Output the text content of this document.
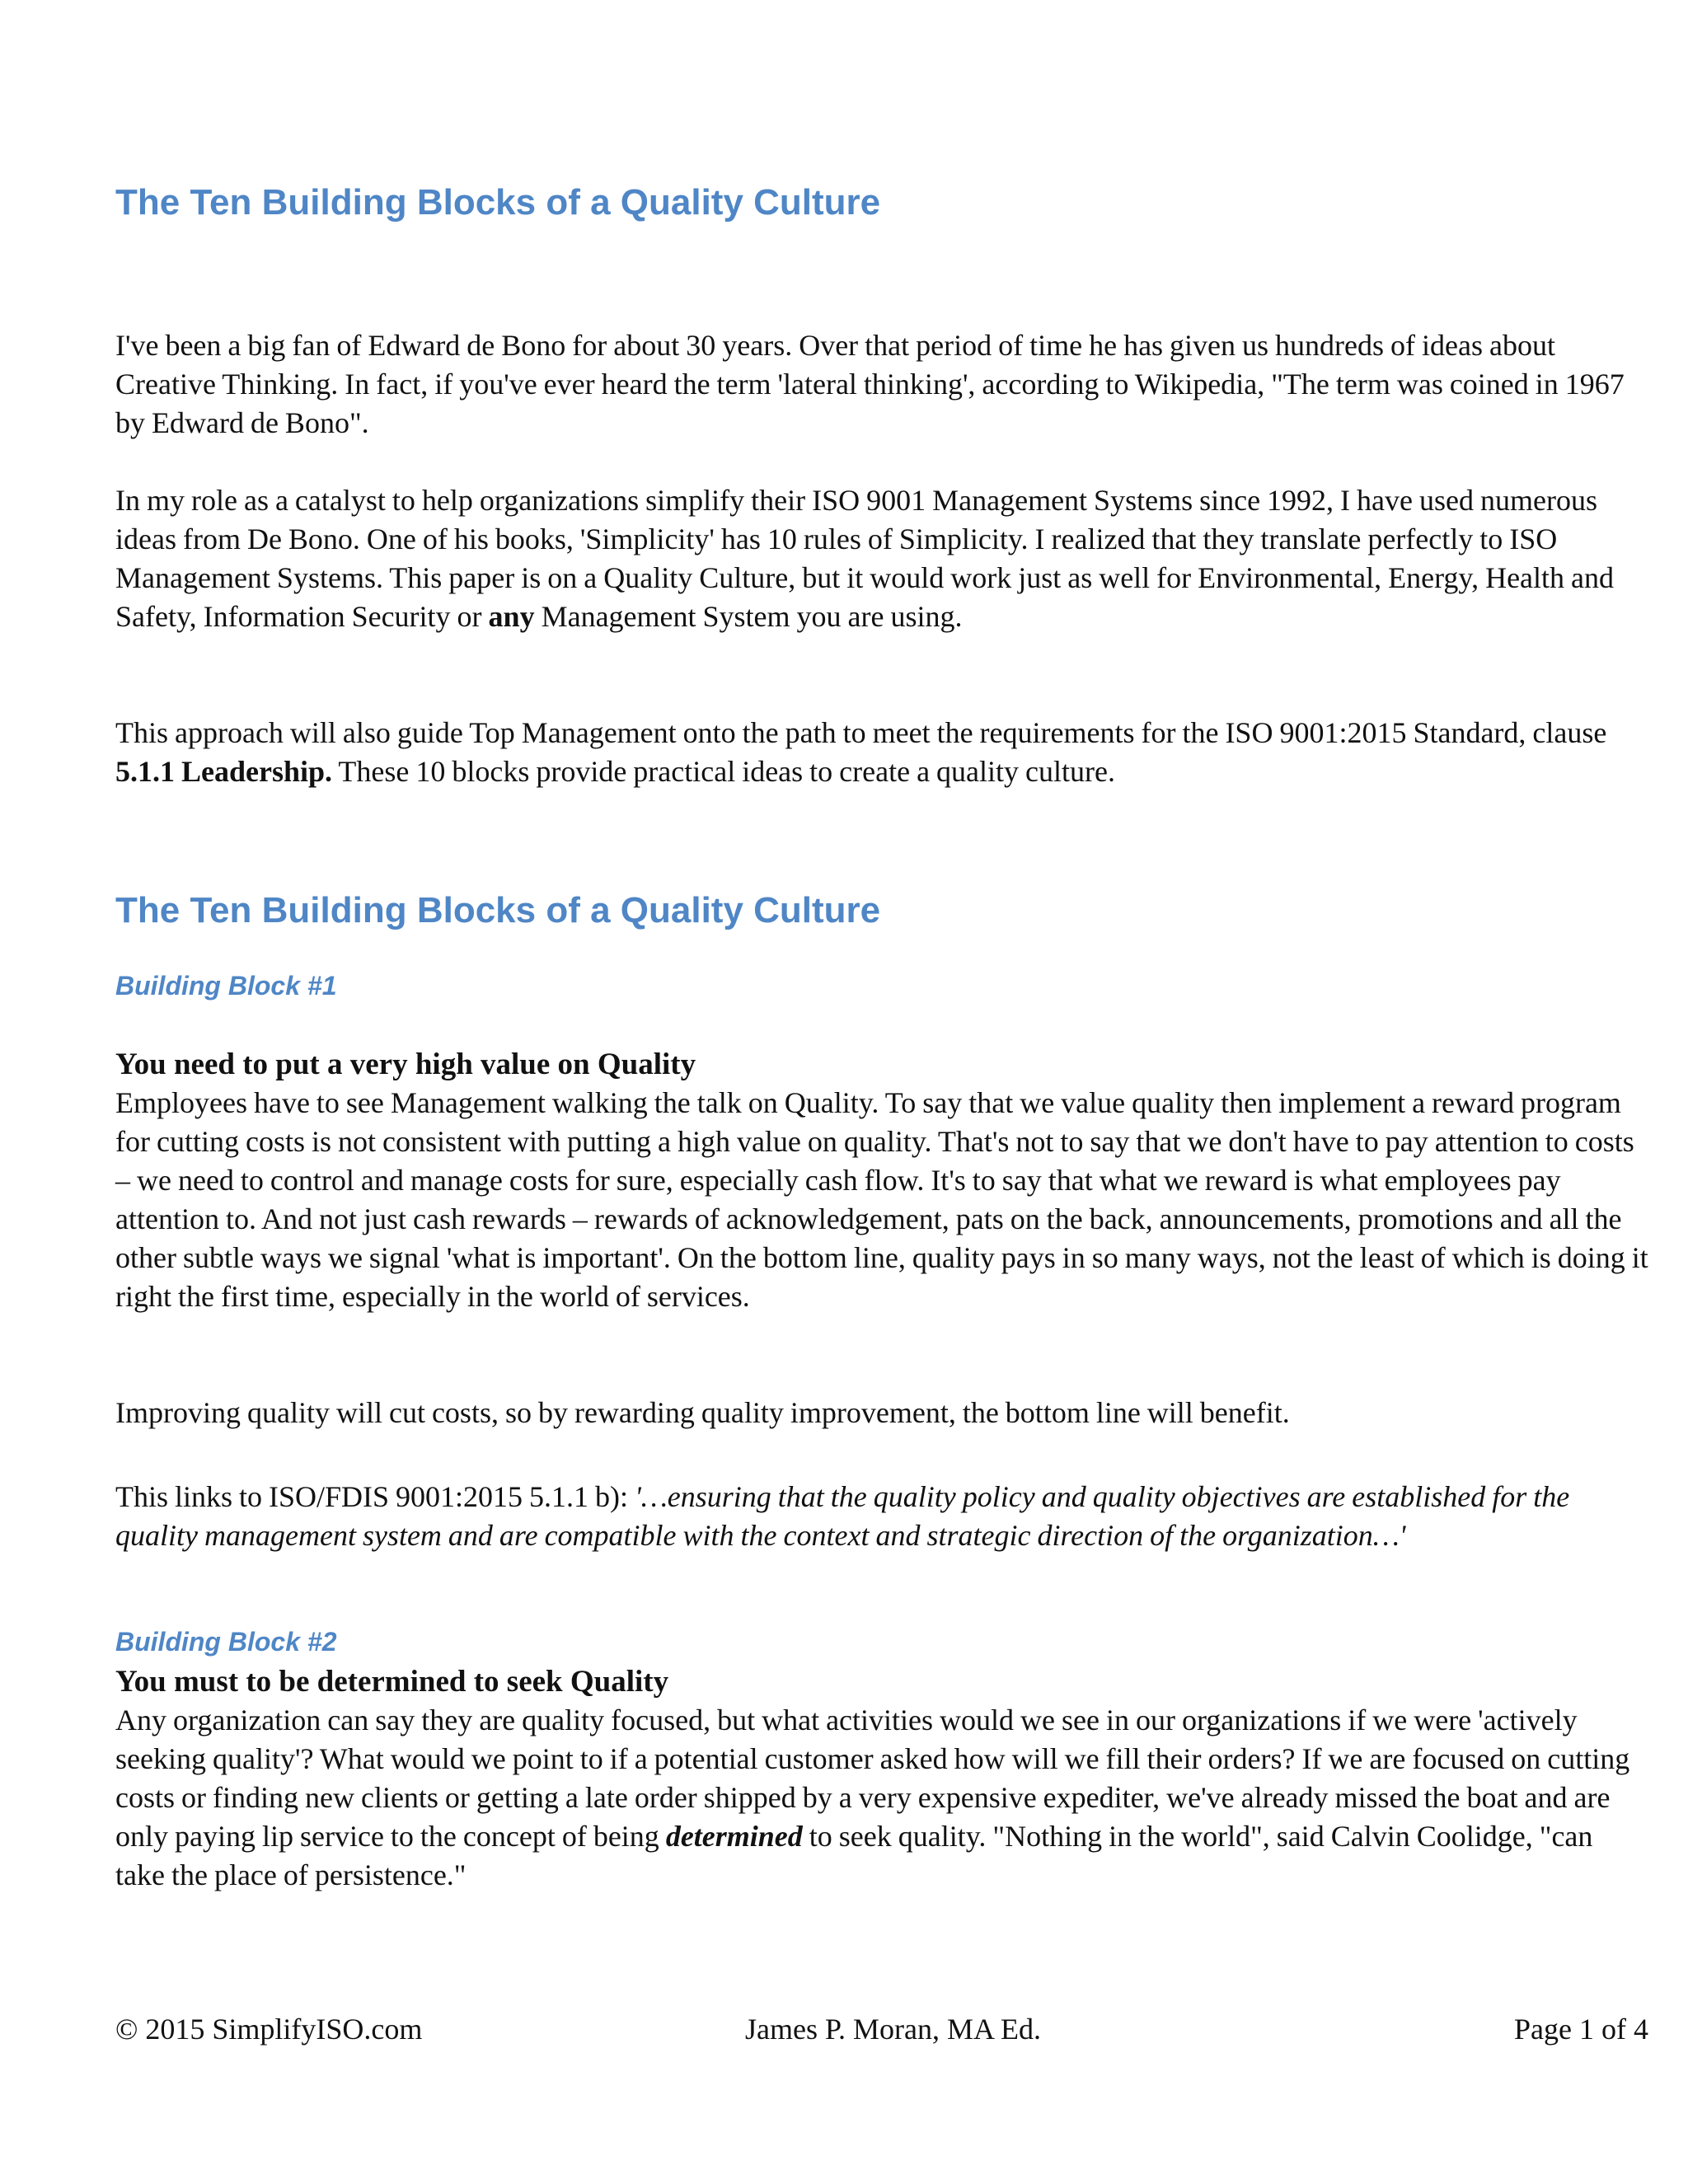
The Ten Building Blocks of a Quality Culture

I've been a big fan of Edward de Bono for about 30 years. Over that period of time he has given us hundreds of ideas about Creative Thinking. In fact, if you've ever heard the term 'lateral thinking', according to Wikipedia, "The term was coined in 1967 by Edward de Bono".

In my role as a catalyst to help organizations simplify their ISO 9001 Management Systems since 1992, I have used numerous ideas from De Bono. One of his books, 'Simplicity' has 10 rules of Simplicity. I realized that they translate perfectly to ISO Management Systems. This paper is on a Quality Culture, but it would work just as well for Environmental, Energy, Health and Safety, Information Security or any Management System you are using.

This approach will also guide Top Management onto the path to meet the requirements for the ISO 9001:2015 Standard, clause 5.1.1 Leadership. These 10 blocks provide practical ideas to create a quality culture.

The Ten Building Blocks of a Quality Culture
Building Block #1
You need to put a very high value on Quality

Employees have to see Management walking the talk on Quality. To say that we value quality then implement a reward program for cutting costs is not consistent with putting a high value on quality. That's not to say that we don't have to pay attention to costs – we need to control and manage costs for sure, especially cash flow. It's to say that what we reward is what employees pay attention to. And not just cash rewards – rewards of acknowledgement, pats on the back, announcements, promotions and all the other subtle ways we signal 'what is important'. On the bottom line, quality pays in so many ways, not the least of which is doing it right the first time, especially in the world of services.

Improving quality will cut costs, so by rewarding quality improvement, the bottom line will benefit.

This links to ISO/FDIS 9001:2015 5.1.1 b): '…ensuring that the quality policy and quality objectives are established for the quality management system and are compatible with the context and strategic direction of the organization…'

Building Block #2
You must to be determined to seek Quality

Any organization can say they are quality focused, but what activities would we see in our organizations if we were 'actively seeking quality'? What would we point to if a potential customer asked how will we fill their orders? If we are focused on cutting costs or finding new clients or getting a late order shipped by a very expensive expediter, we've already missed the boat and are only paying lip service to the concept of being determined to seek quality. "Nothing in the world", said Calvin Coolidge, "can take the place of persistence."

© 2015 SimplifyISO.com	James P. Moran, MA Ed.	Page 1 of 4
